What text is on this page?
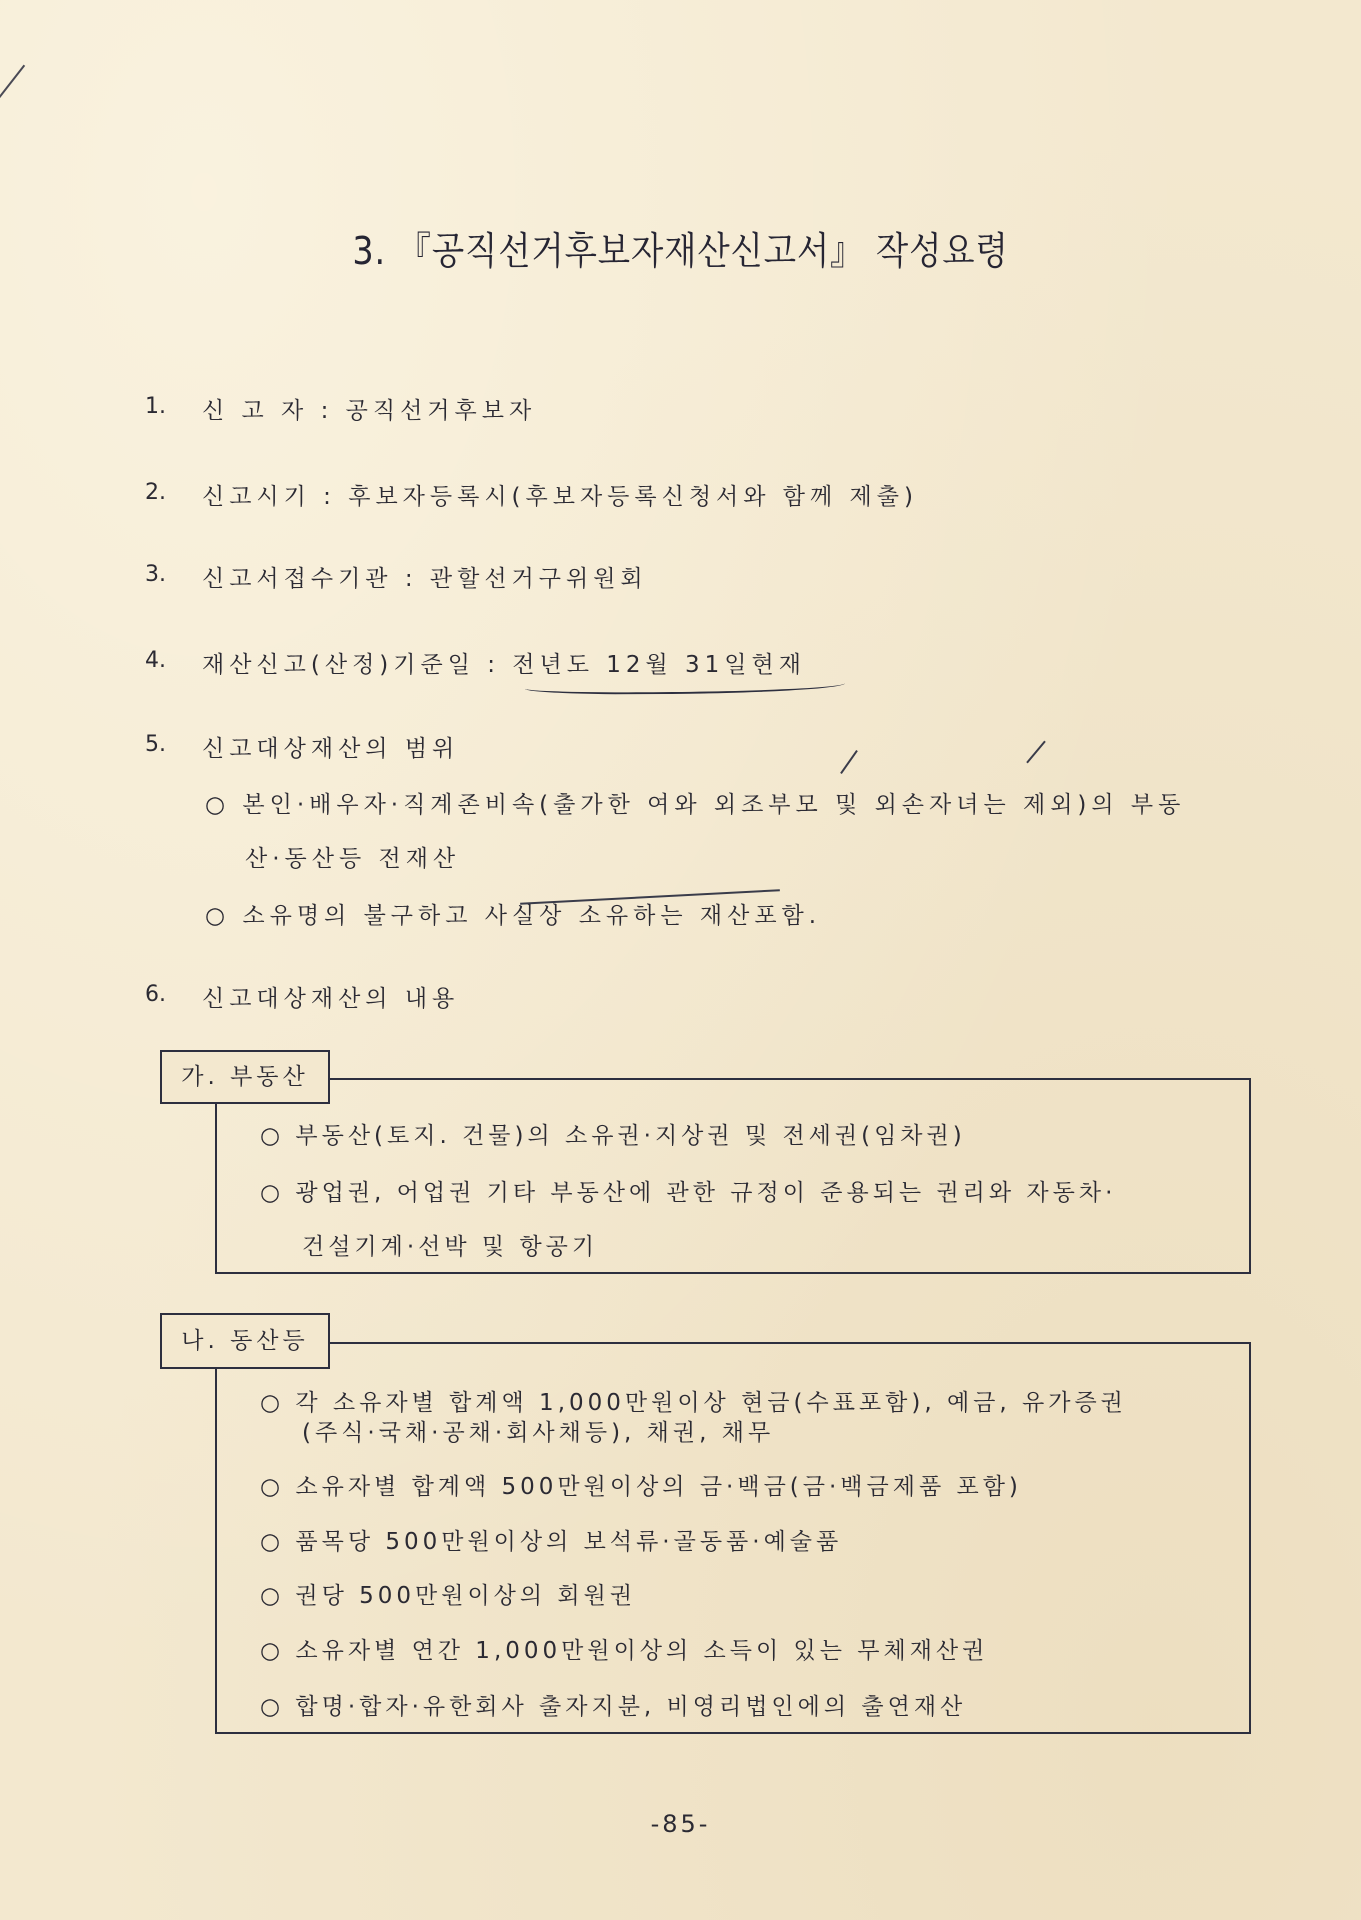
3. 『공직선거후보자재산신고서』 작성요령
1. 신 고 자 : 공직선거후보자
2. 신고시기 : 후보자등록시(후보자등록신청서와 함께 제출)
3. 신고서접수기관 : 관할선거구위원회
4. 재산신고(산정)기준일 : 전년도 12월 31일현재
5. 신고대상재산의 범위
○ 본인·배우자·직계존비속(출가한 여와 외조부모 및 외손자녀는 제외)의 부동
산·동산등 전재산
○ 소유명의 불구하고 사실상 소유하는 재산포함.
6. 신고대상재산의 내용
가. 부동산
○ 부동산(토지. 건물)의 소유권·지상권 및 전세권(임차권)
○ 광업권, 어업권 기타 부동산에 관한 규정이 준용되는 권리와 자동차·
건설기계·선박 및 항공기
나. 동산등
○ 각 소유자별 합계액 1,000만원이상 현금(수표포함), 예금, 유가증권
(주식·국채·공채·회사채등), 채권, 채무
○ 소유자별 합계액 500만원이상의 금·백금(금·백금제품 포함)
○ 품목당 500만원이상의 보석류·골동품·예술품
○ 권당 500만원이상의 회원권
○ 소유자별 연간 1,000만원이상의 소득이 있는 무체재산권
○ 합명·합자·유한회사 출자지분, 비영리법인에의 출연재산
-85-
